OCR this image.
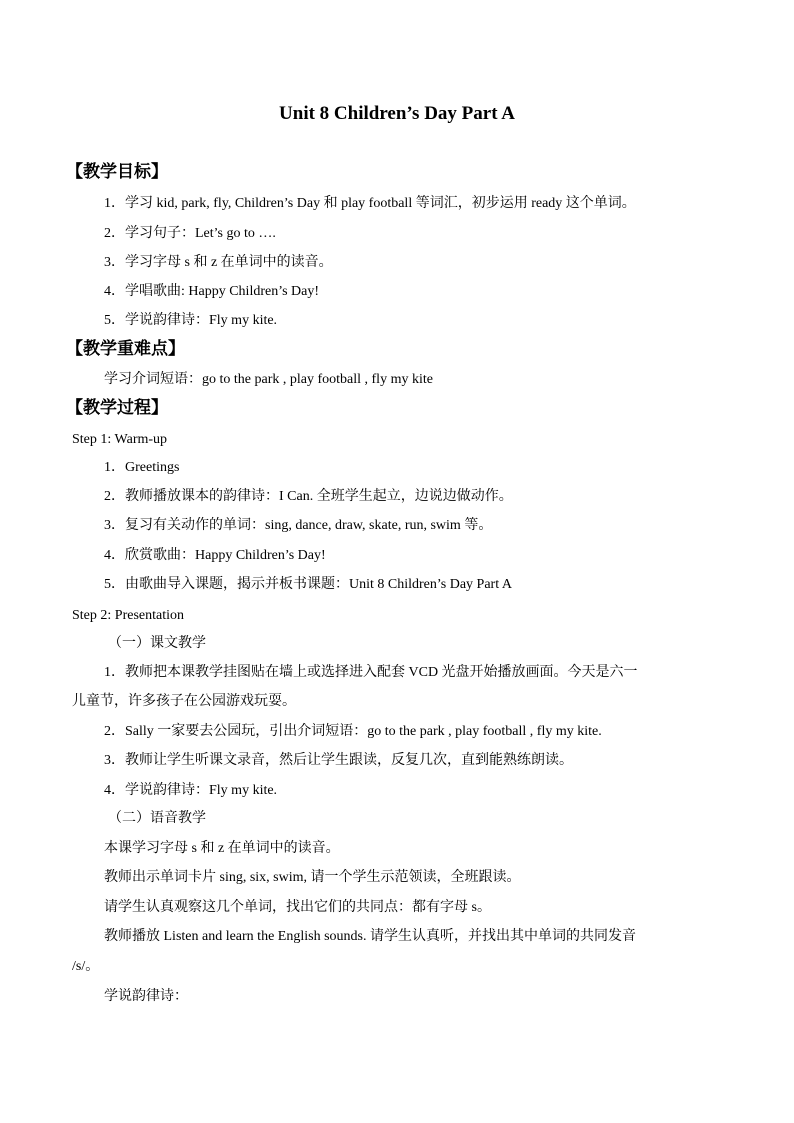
Unit 8 Children’s Day Part A
【教学目标】
1．学习 kid, park, fly, Children’s Day 和 play football 等词汇，初步运用 ready 这个单词。
2．学习句子：Let’s go to ….
3．学习字母 s 和 z 在单词中的读音。
4．学唱歌曲: Happy Children’s Day!
5．学说韵律诗：Fly my kite.
【教学重难点】
学习介词短语：go to the park , play football , fly my kite
【教学过程】
Step 1: Warm-up
1．Greetings
2．教师播放课本的韵律诗：I Can. 全班学生起立，边说边做动作。
3．复习有关动作的单词：sing, dance, draw, skate, run, swim 等。
4．欣赏歌曲：Happy Children’s Day!
5．由歌曲导入课题，揭示并板书课题：Unit 8 Children’s Day Part A
Step 2: Presentation
（一）课文教学
1．教师把本课教学挂图贴在墙上或选择进入配套 VCD 光盘开始播放画面。今天是六一
儿童节，许多孩子在公园游戏玩耍。
2．Sally 一家要去公园玩，引出介词短语：go to the park , play football , fly my kite.
3．教师让学生听课文录音，然后让学生跟读，反复几次，直到能熟练朗读。
4．学说韵律诗：Fly my kite.
（二）语音教学
本课学习字母 s 和 z 在单词中的读音。
教师出示单词卡片 sing, six, swim, 请一个学生示范领读，全班跟读。
请学生认真观察这几个单词，找出它们的共同点：都有字母 s。
教师播放 Listen and learn the English sounds. 请学生认真听，并找出其中单词的共同发音
/s/。
学说韵律诗：
